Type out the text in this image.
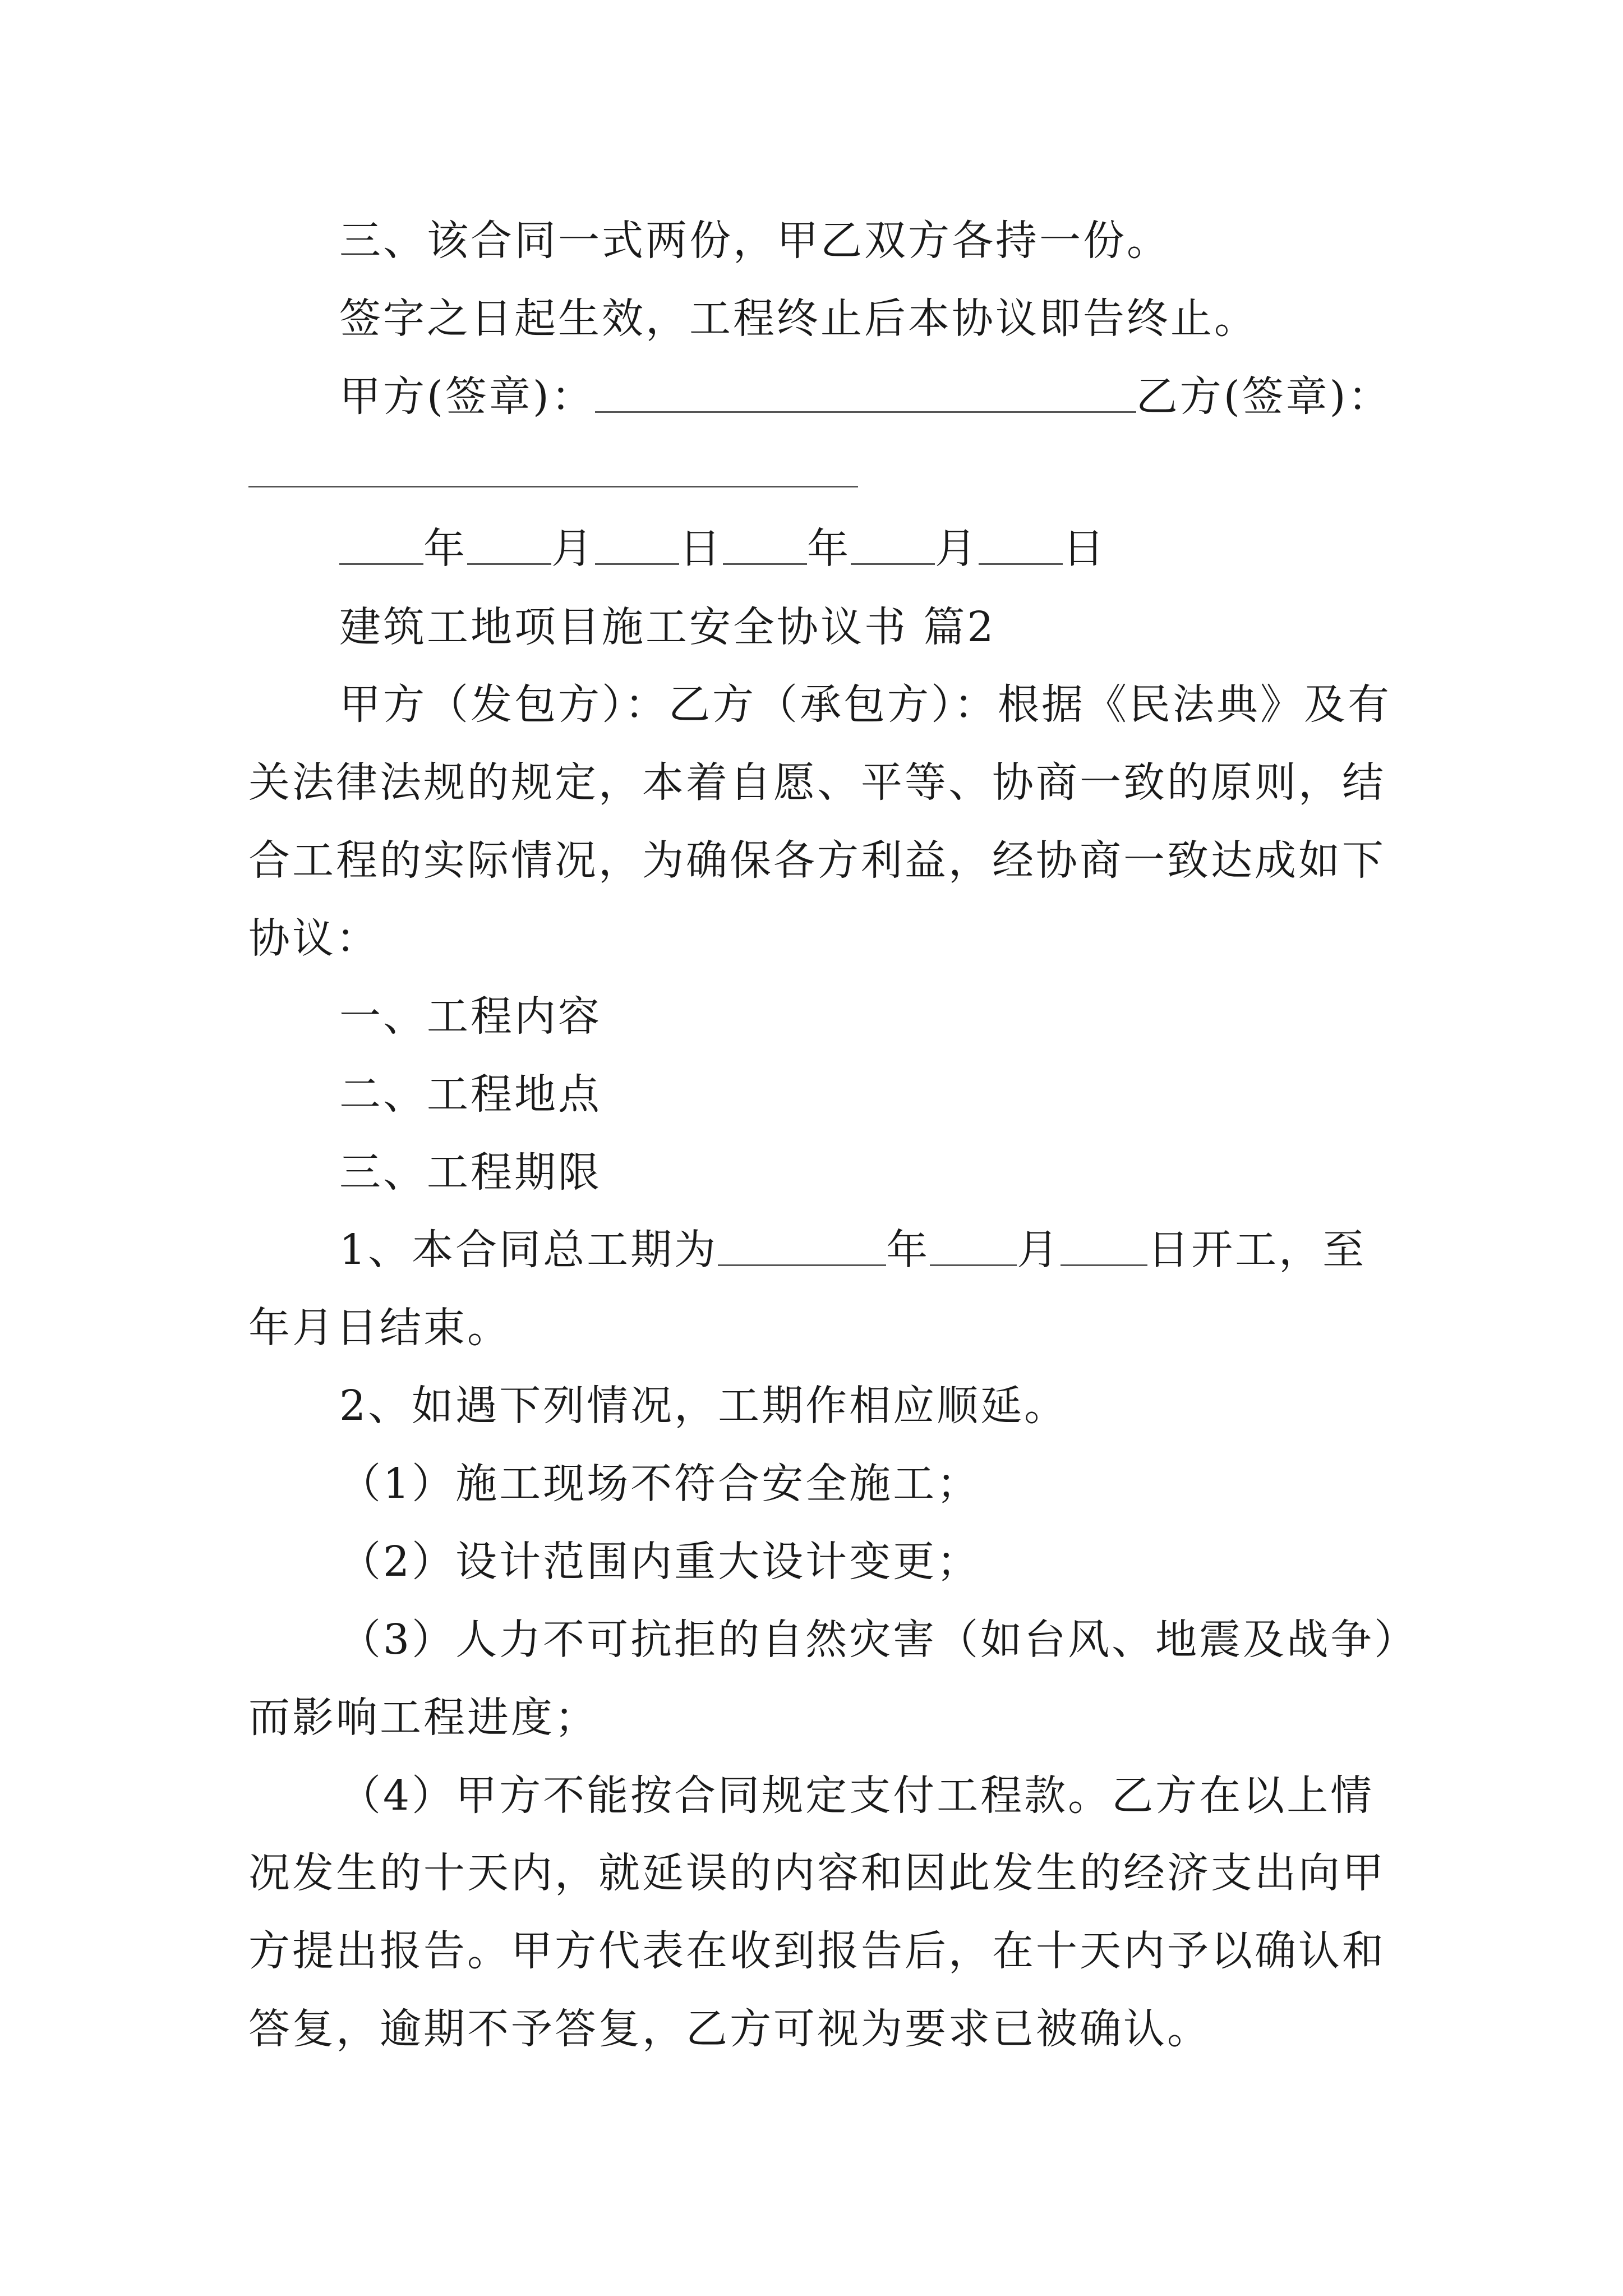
三、该合同一式两份，甲乙双方各持一份。
签字之日起生效，工程终止后本协议即告终止。
甲方(签章)：	乙方(签章)：
年 月 日 年 月 日
建筑工地项目施工安全协议书 篇2
甲方（发包方）：乙方（承包方）：根据《民法典》及有
关法律法规的规定，本着自愿、平等、协商一致的原则，结
合工程的实际情况，为确保各方利益，经协商一致达成如下
协议：
一、工程内容
二、工程地点
三、工程期限
1、本合同总工期为	年 月 日开工，至
年月日结束。
2、如遇下列情况，工期作相应顺延。
（1）施工现场不符合安全施工；
（2）设计范围内重大设计变更；
（3）人力不可抗拒的自然灾害（如台风、地震及战争）
而影响工程进度；
（4）甲方不能按合同规定支付工程款。乙方在以上情
况发生的十天内，就延误的内容和因此发生的经济支出向甲
方提出报告。甲方代表在收到报告后，在十天内予以确认和
答复，逾期不予答复，乙方可视为要求已被确认。
